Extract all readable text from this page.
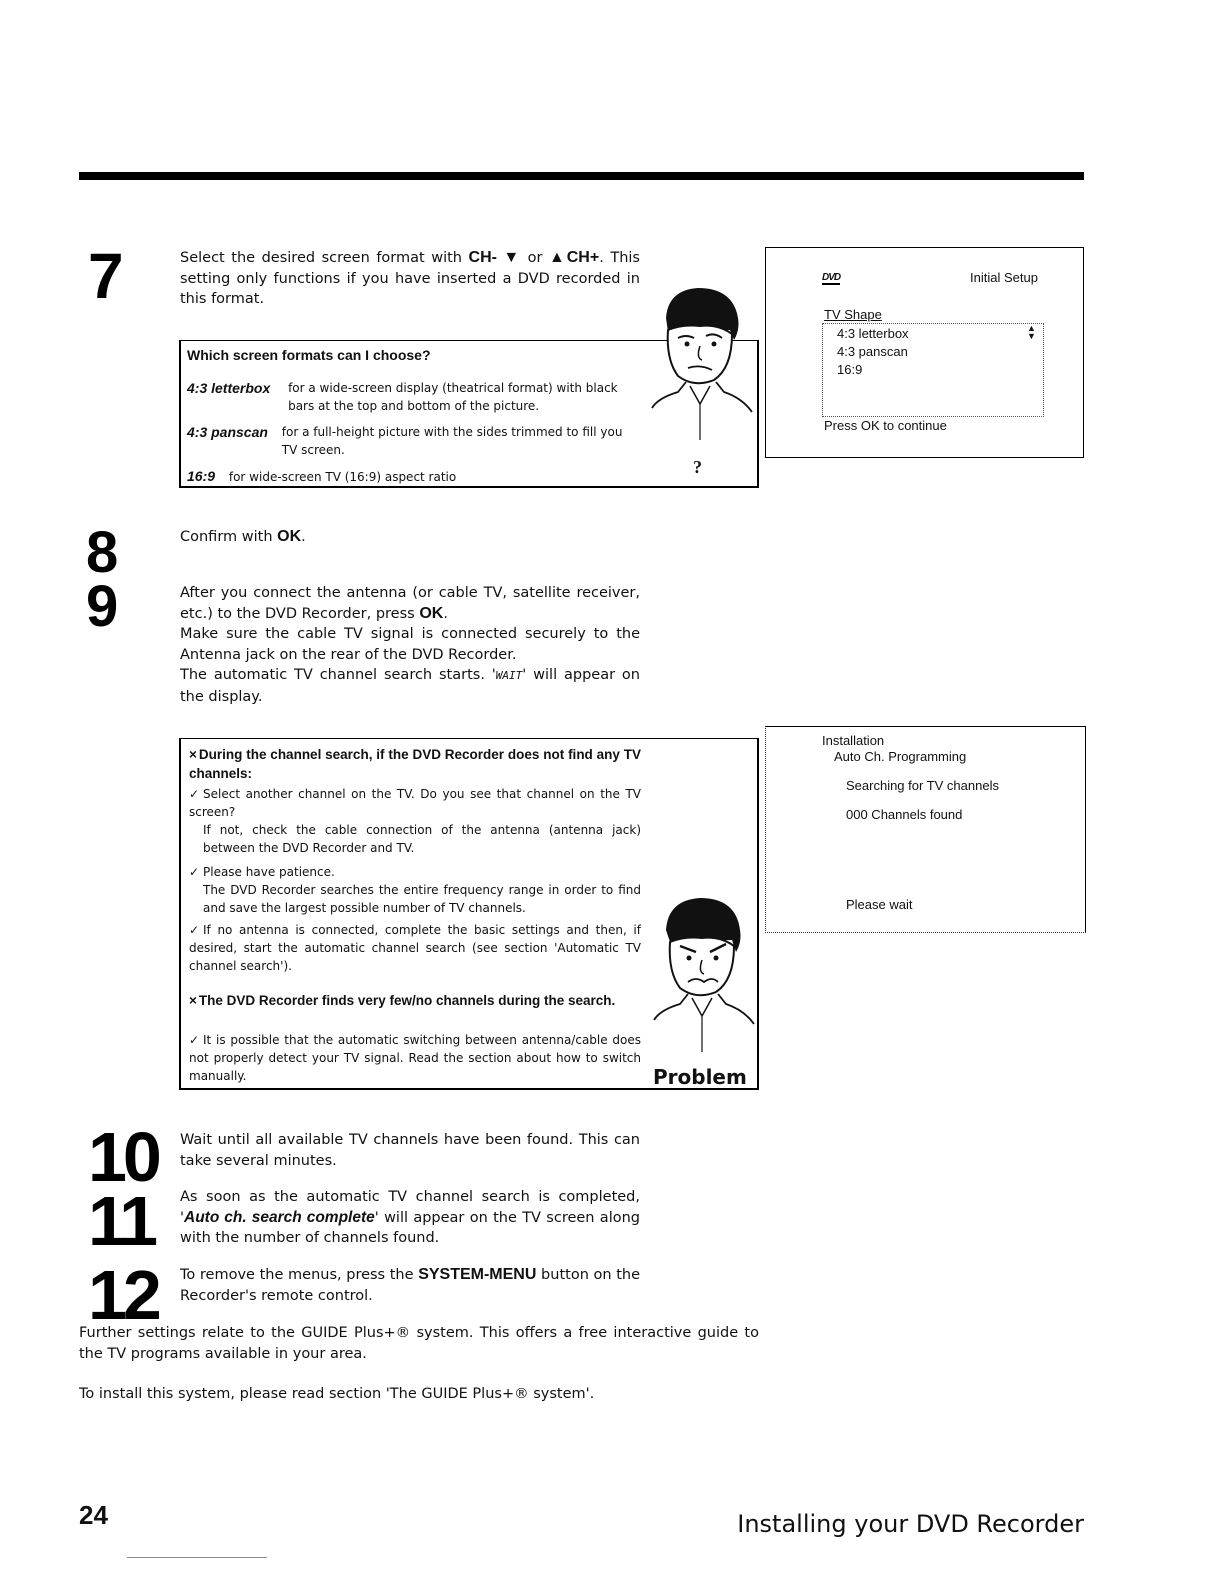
7	Select the desired screen format with CH- ▼ or ▲CH+. This setting only functions if you have inserted a DVD recorded in this format.
Which screen formats can I choose?
4:3 letterbox for a wide-screen display (theatrical format) with black bars at the top and bottom of the picture.
4:3 panscan for a full-height picture with the sides trimmed to fill you TV screen.
16:9 for wide-screen TV (16:9) aspect ratio	?
DVD	Initial Setup
TV Shape
4:3 letterbox
4:3 panscan
16:9
▲
▼
Press OK to continue
8	Confirm with OK.
9	After you connect the antenna (or cable TV, satellite receiver, etc.) to the DVD Recorder, press OK.
Make sure the cable TV signal is connected securely to the Antenna jack on the rear of the DVD Recorder.
The automatic TV channel search starts. 'WAIT' will appear on the display.
× During the channel search, if the DVD Recorder does not find any TV channels:
✓ Select another channel on the TV. Do you see that channel on the TV screen?
If not, check the cable connection of the antenna (antenna jack) between the DVD Recorder and TV.
✓ Please have patience.
The DVD Recorder searches the entire frequency range in order to find and save the largest possible number of TV channels.
✓ If no antenna is connected, complete the basic settings and then, if desired, start the automatic channel search (see section 'Automatic TV channel search').
× The DVD Recorder finds very few/no channels during the search.
✓ It is possible that the automatic switching between antenna/cable does not properly detect your TV signal. Read the section about how to switch manually.	Problem
Installation
Auto Ch. Programming
Searching for TV channels
000 Channels found
Please wait
10 Wait until all available TV channels have been found. This can take several minutes.
11 As soon as the automatic TV channel search is completed, 'Auto ch. search complete' will appear on the TV screen along with the number of channels found.
12 To remove the menus, press the SYSTEM-MENU button on the Recorder's remote control.
Further settings relate to the GUIDE Plus+® system. This offers a free interactive guide to the TV programs available in your area.
To install this system, please read section 'The GUIDE Plus+® system'.
24	Installing your DVD Recorder
